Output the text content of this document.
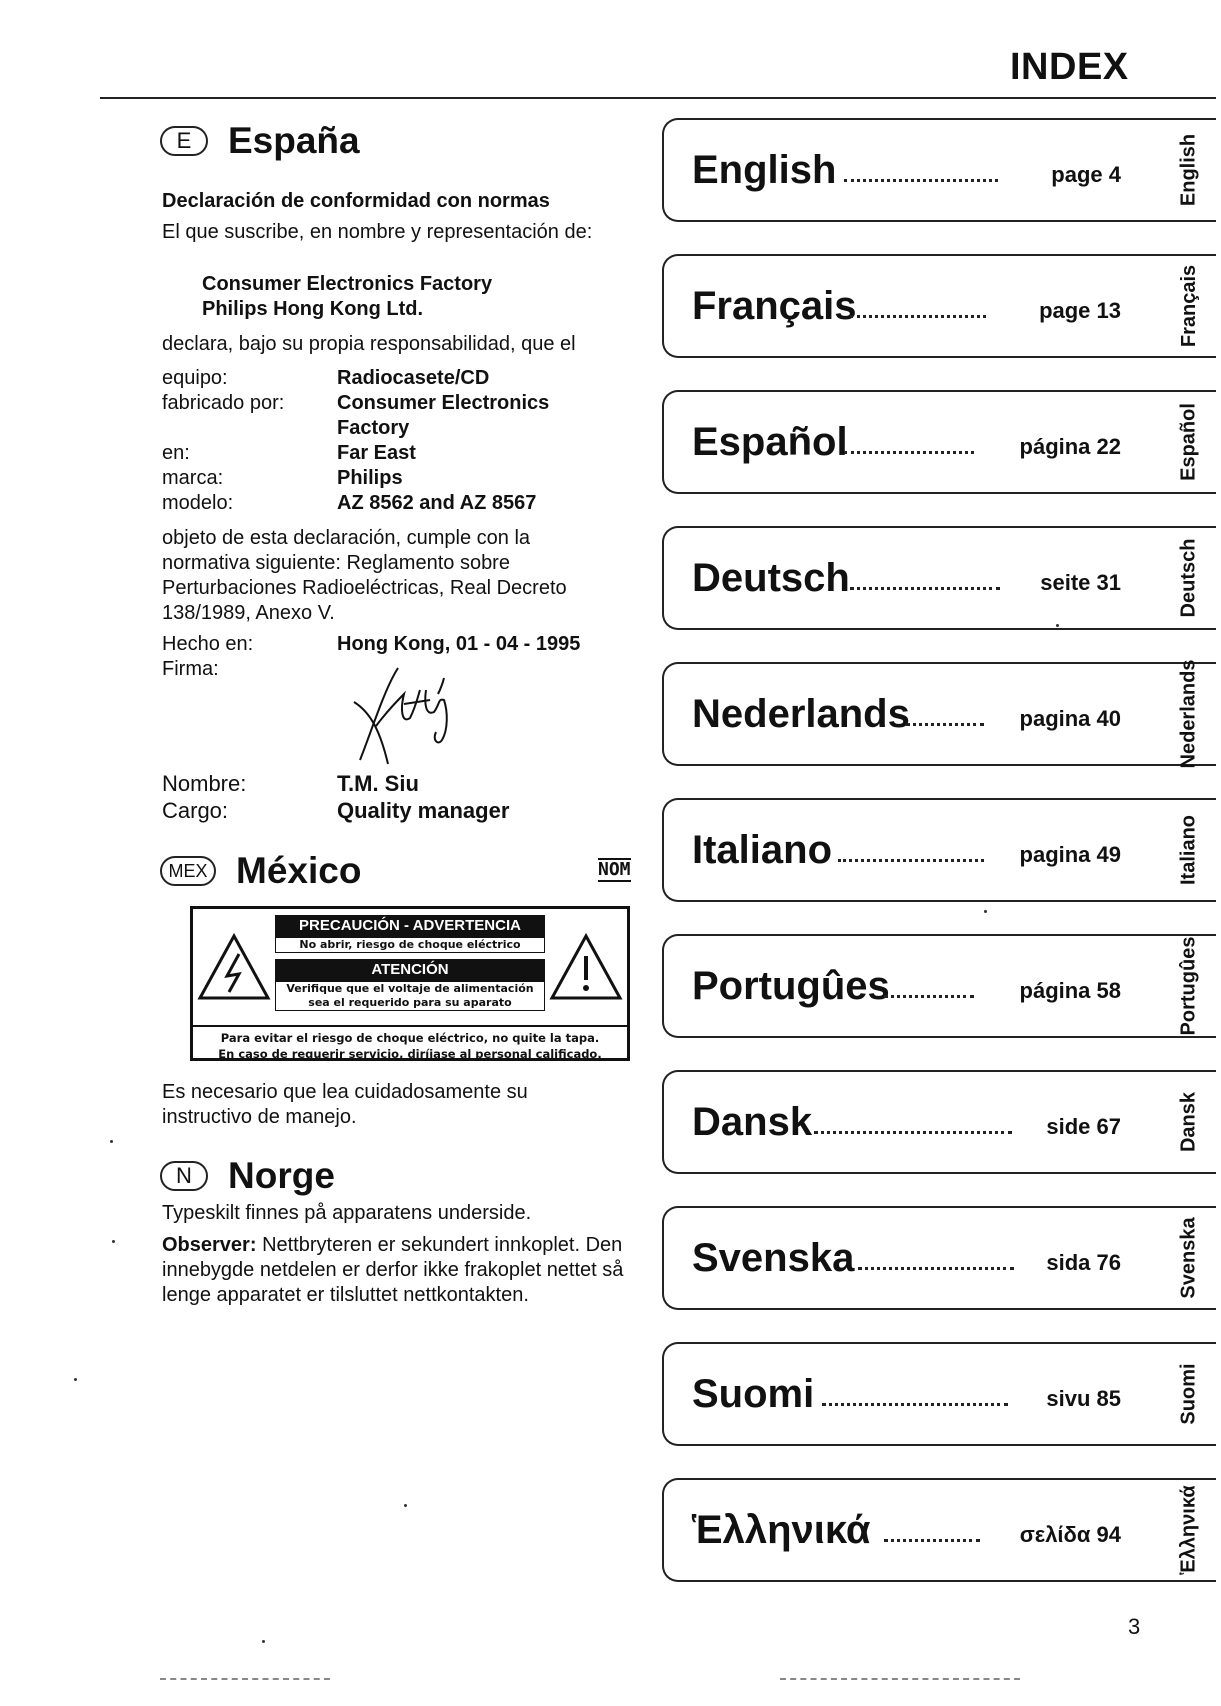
INDEX
E España
Declaración de conformidad con normas
El que suscribe, en nombre y representación de:
Consumer Electronics Factory
Philips Hong Kong Ltd.
declara, bajo su propia responsabilidad, que el
equipo:	Radiocasete/CD
fabricado por:	Consumer Electronics Factory
en:	Far East
marca:	Philips
modelo:	AZ 8562 and AZ 8567
objeto de esta declaración, cumple con la normativa siguiente: Reglamento sobre Perturbaciones Radioeléctricas, Real Decreto 138/1989, Anexo V.
Hecho en:	Hong Kong, 01 - 04 - 1995
Firma:
Nombre:	T.M. Siu
Cargo:	Quality manager
MEX México	NOM
PRECAUCIÓN - ADVERTENCIA
No abrir, riesgo de choque eléctrico
ATENCIÓN
Verifique que el voltaje de alimentación sea el requerido para su aparato
Para evitar el riesgo de choque eléctrico, no quite la tapa.
En caso de requerir servicio, diríjase al personal calificado.
Es necesario que lea cuidadosamente su instructivo de manejo.
N Norge
Typeskilt finnes på apparatens underside.
Observer: Nettbryteren er sekundert innkoplet. Den innebygde netdelen er derfor ikke frakoplet nettet så lenge apparatet er tilsluttet nettkontakten.
English	page 4	English
Français	page 13	Français
Español	página 22	Español
Deutsch	seite 31	Deutsch
Nederlands	pagina 40	Nederlands
Italiano	pagina 49	Italiano
Portugûes	página 58	Portugûes
Dansk	side 67	Dansk
Svenska	sida 76	Svenska
Suomi	sivu 85	Suomi
Ἑλληνικά	σελίδα 94	Ἑλληνικά
3
